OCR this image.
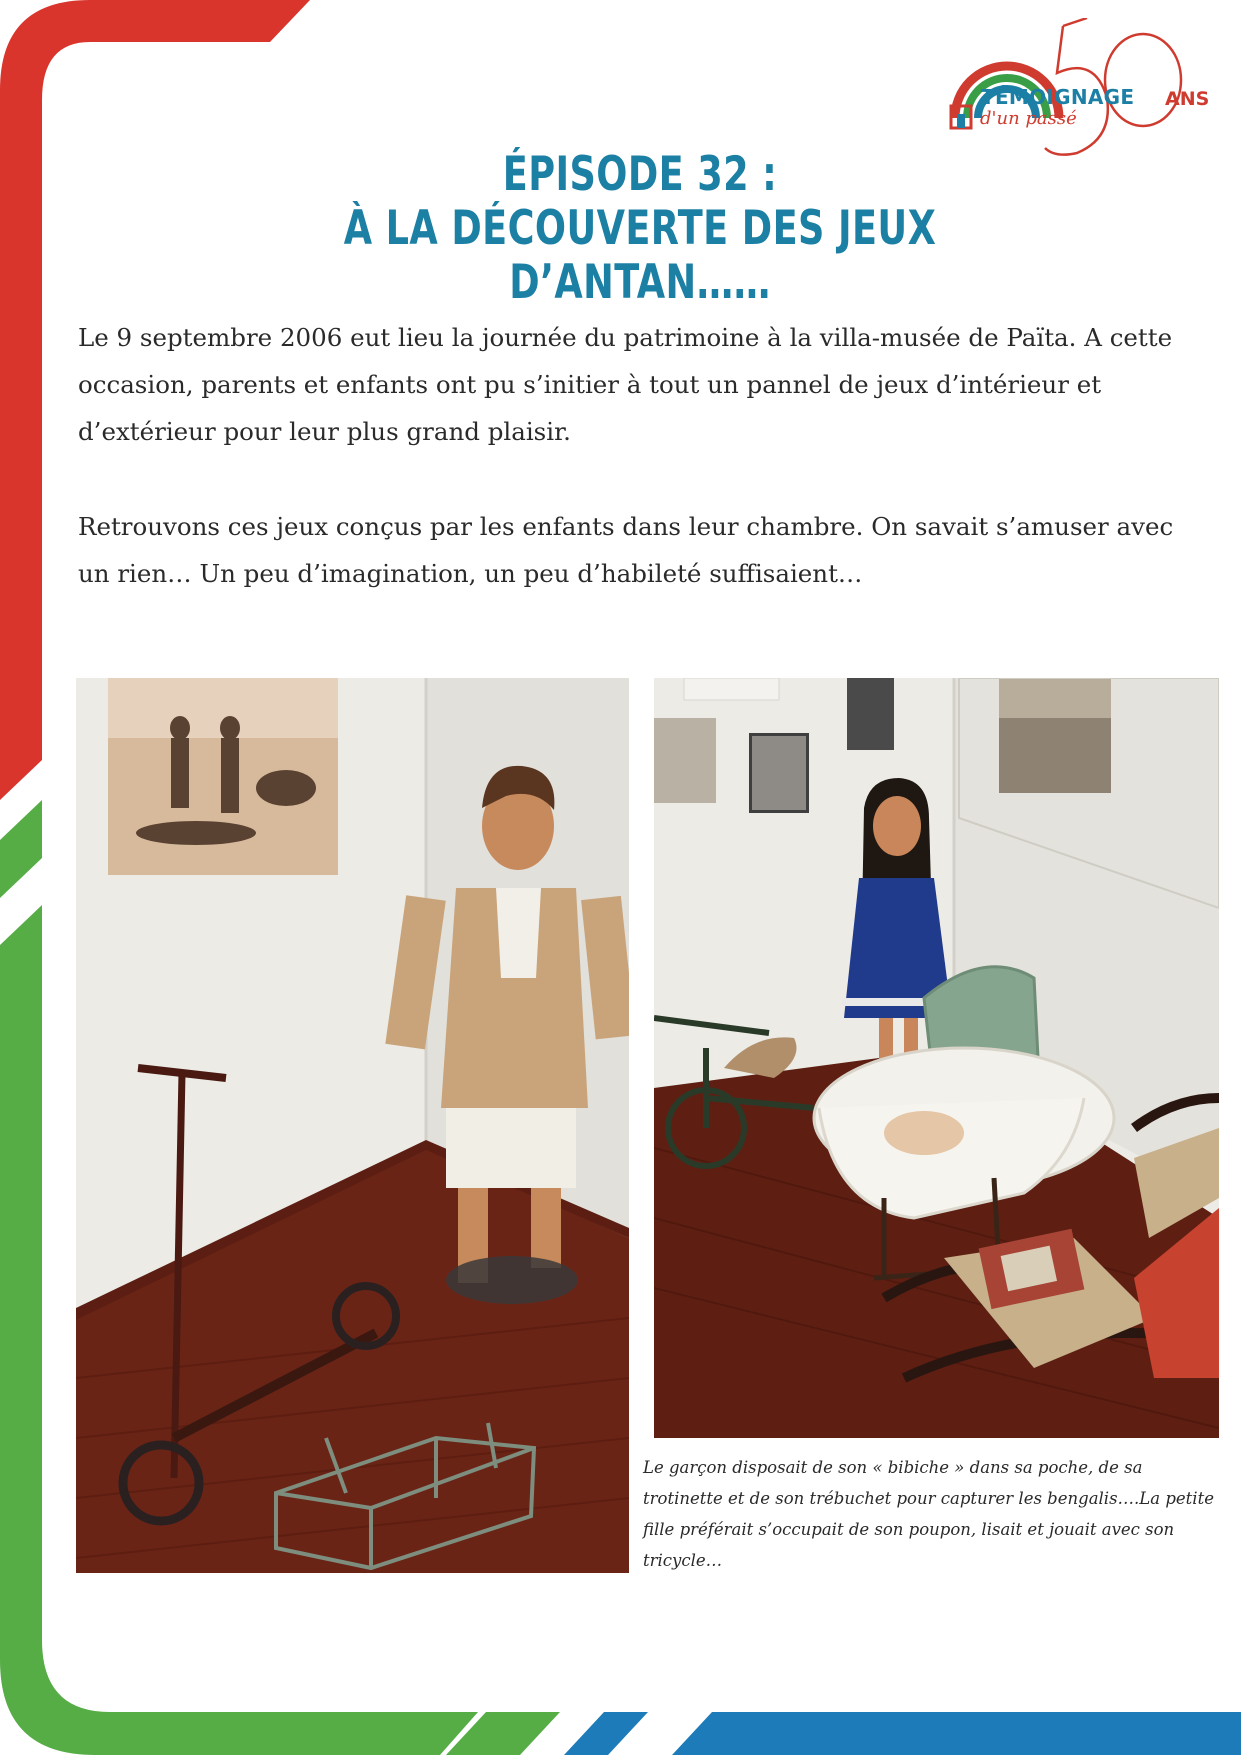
TÉMOIGNAGE
d'un passé
ANS
ÉPISODE 32 :
À LA DÉCOUVERTE DES JEUX D’ANTAN……

Le 9 septembre 2006 eut lieu la journée du patrimoine à la villa-musée de Païta. A cette occasion, parents et enfants ont pu s’initier à tout un pannel de jeux d’intérieur et d’extérieur pour leur plus grand plaisir.

Retrouvons ces jeux conçus par les enfants dans leur chambre. On savait s’amuser avec un rien… Un peu d’imagination, un peu d’habileté suffisaient…

Le garçon disposait de son « bibiche » dans sa poche, de sa trotinette et de son trébuchet pour capturer les bengalis….La petite fille préférait s’occupait de son poupon, lisait et jouait avec son tricycle…
